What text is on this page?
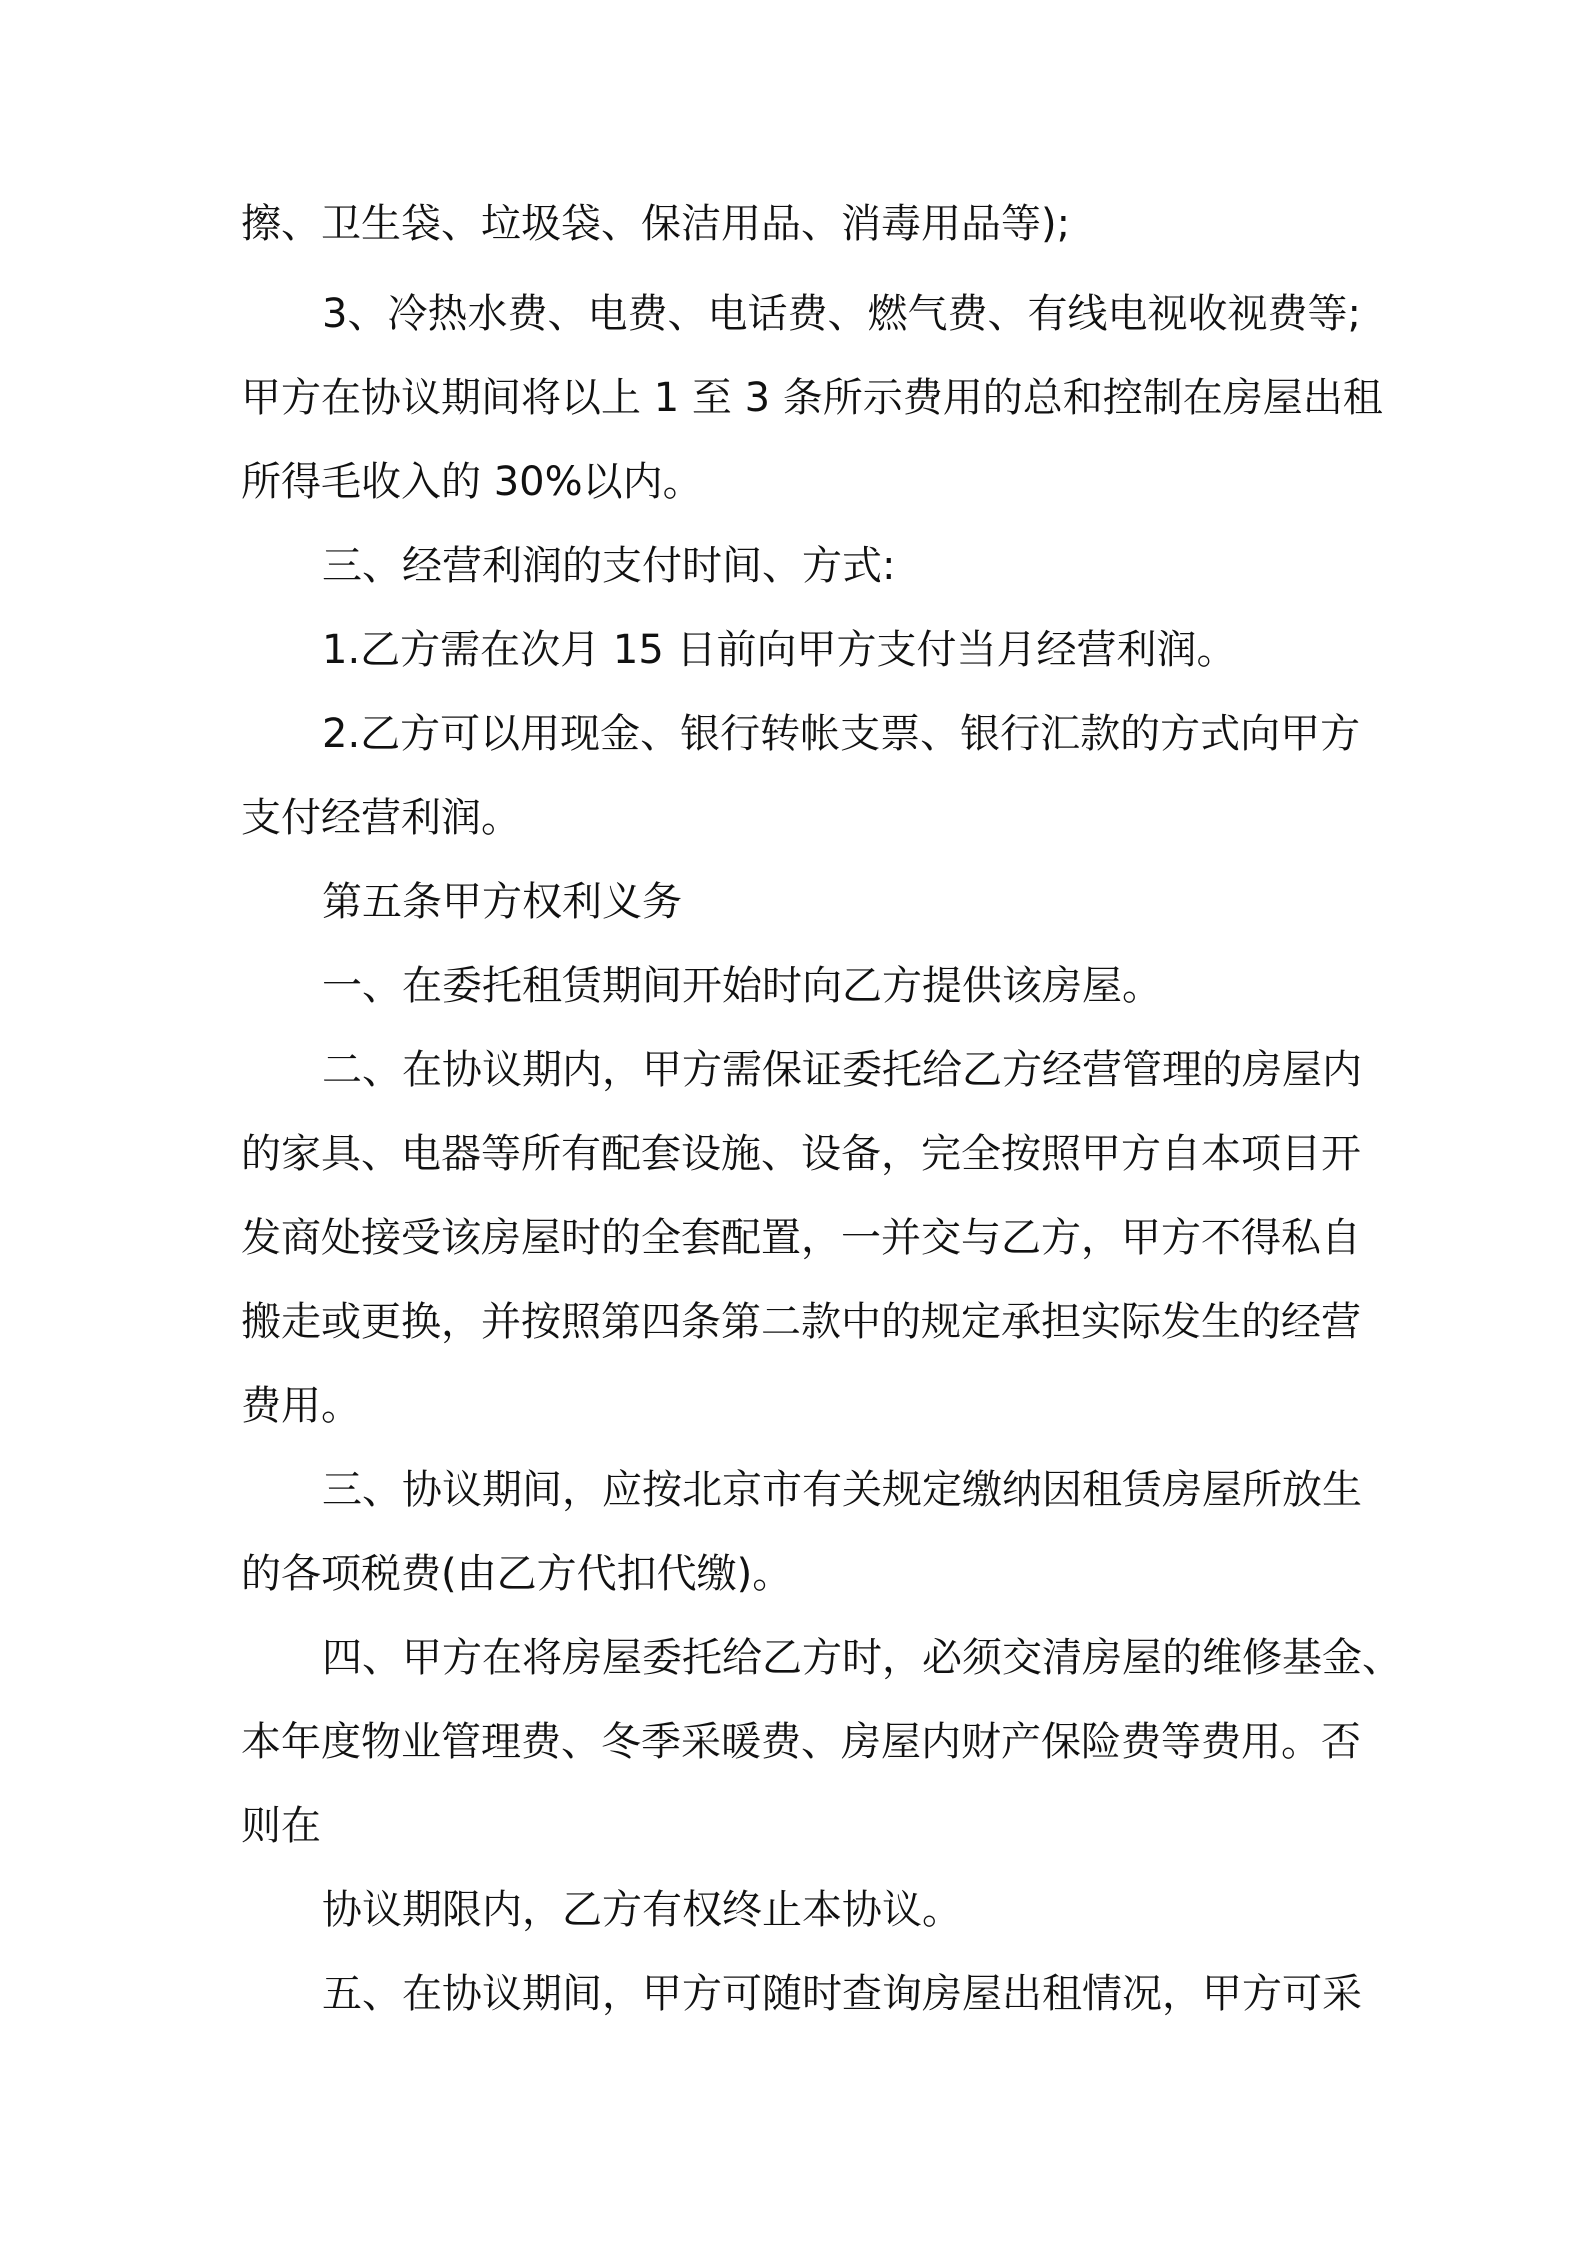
擦、卫生袋、垃圾袋、保洁用品、消毒用品等);
3、冷热水费、电费、电话费、燃气费、有线电视收视费等;
甲方在协议期间将以上 1 至 3 条所示费用的总和控制在房屋出租
所得毛收入的 30%以内。
三、经营利润的支付时间、方式:
1.乙方需在次月 15 日前向甲方支付当月经营利润。
2.乙方可以用现金、银行转帐支票、银行汇款的方式向甲方
支付经营利润。
第五条甲方权利义务
一、在委托租赁期间开始时向乙方提供该房屋。
二、在协议期内，甲方需保证委托给乙方经营管理的房屋内
的家具、电器等所有配套设施、设备，完全按照甲方自本项目开
发商处接受该房屋时的全套配置，一并交与乙方，甲方不得私自
搬走或更换，并按照第四条第二款中的规定承担实际发生的经营
费用。
三、协议期间，应按北京市有关规定缴纳因租赁房屋所放生
的各项税费(由乙方代扣代缴)。
四、甲方在将房屋委托给乙方时，必须交清房屋的维修基金、
本年度物业管理费、冬季采暖费、房屋内财产保险费等费用。否
则在
协议期限内，乙方有权终止本协议。
五、在协议期间，甲方可随时查询房屋出租情况，甲方可采
